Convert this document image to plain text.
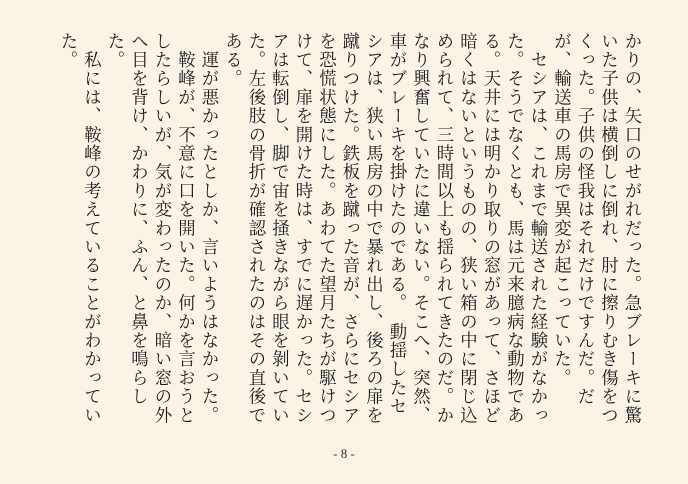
かりの、矢口のせがれだった。急ブレーキに驚いた子供は横倒しに倒れ、肘に擦りむき傷をつくった。子供の怪我はそれだけですんだ。だが、輸送車の馬房で異変が起こっていた。

　セシアは、これまで輸送された経験がなかった。そうでなくとも、馬は元来臆病な動物である。天井には明かり取りの窓があって、さほど暗くはないというものの、狭い箱の中に閉じ込められて、三時間以上も揺られてきたのだ。かなり興奮していたに違いない。そこへ、突然、車がブレーキを掛けたのである。　動揺したセシアは、狭い馬房の中で暴れ出し、後ろの扉を蹴りつけた。鉄板を蹴った音が、さらにセシアを恐慌状態にした。あわてた望月たちが駆けつけて、扉を開けた時は、すでに遅かった。セシアは転倒し、脚で宙を掻きながら眼を剝いていた。左後肢の骨折が確認されたのはその直後である。

　運が悪かったとしか、言いようはなかった。

　鞍峰が、不意に口を開いた。何かを言おうとしたらしいが、気が変わったのか、暗い窓の外へ目を背け、かわりに、ふん、と鼻を鳴らした。

　私には、鞍峰の考えていることがわかっていた。

- 8 -
